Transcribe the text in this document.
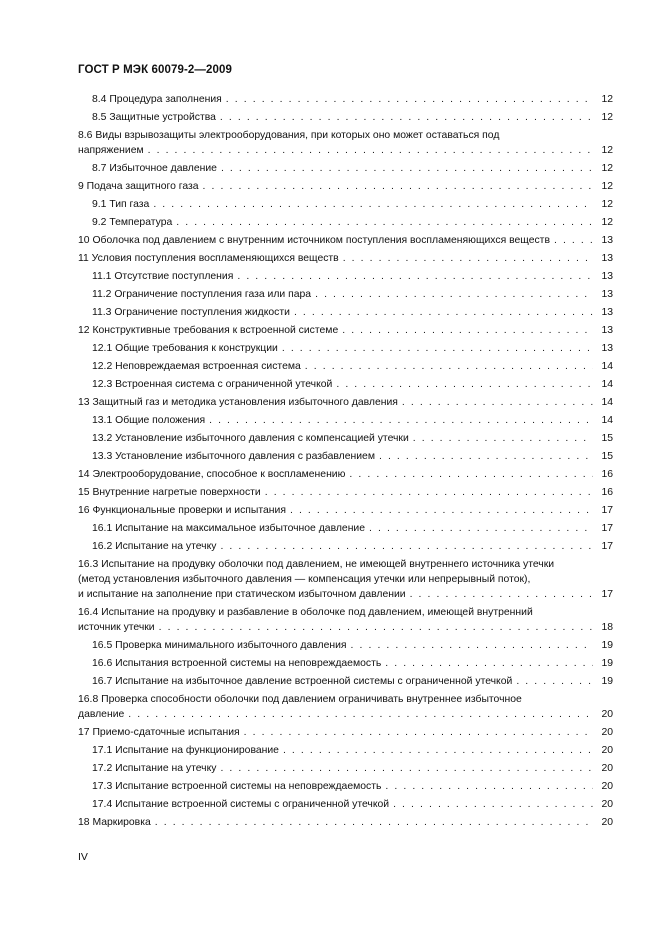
ГОСТ Р МЭК 60079-2—2009
8.4 Процедура заполнения . . .	12
8.5 Защитные устройства . . .	12
8.6 Виды взрывозащиты электрооборудования, при которых оно может оставаться под
напряжением . . .	12
8.7 Избыточное давление . . .	12
9 Подача защитного газа . . .	12
9.1 Тип газа . . .	12
9.2 Температура . . .	12
10 Оболочка под давлением с внутренним источником поступления воспламеняющихся веществ . . .	13
11 Условия поступления воспламеняющихся веществ . . .	13
11.1 Отсутствие поступления . . .	13
11.2 Ограничение поступления газа или пара . . .	13
11.3 Ограничение поступления жидкости . . .	13
12 Конструктивные требования к встроенной системе . . .	13
12.1 Общие требования к конструкции . . .	13
12.2 Неповреждаемая встроенная система . . .	14
12.3 Встроенная система с ограниченной утечкой . . .	14
13 Защитный газ и методика установления избыточного давления . . .	14
13.1 Общие положения . . .	14
13.2 Установление избыточного давления с компенсацией утечки . . .	15
13.3 Установление избыточного давления с разбавлением . . .	15
14 Электрооборудование, способное к воспламенению . . .	16
15 Внутренние нагретые поверхности . . .	16
16 Функциональные проверки и испытания . . .	17
16.1 Испытание на максимальное избыточное давление . . .	17
16.2 Испытание на утечку . . .	17
16.3 Испытание на продувку оболочки под давлением, не имеющей внутреннего источника утечки
(метод установления избыточного давления — компенсация утечки или непрерывный поток),
и испытание на заполнение при статическом избыточном давлении . . .	17
16.4 Испытание на продувку и разбавление в оболочке под давлением, имеющей внутренний
источник утечки . . .	18
16.5 Проверка минимального избыточного давления . . .	19
16.6 Испытания встроенной системы на неповреждаемость . . .	19
16.7 Испытание на избыточное давление встроенной системы с ограниченной утечкой . . .	19
16.8 Проверка способности оболочки под давлением ограничивать внутреннее избыточное
давление . . .	20
17 Приемо-сдаточные испытания . . .	20
17.1 Испытание на функционирование . . .	20
17.2 Испытание на утечку . . .	20
17.3 Испытание встроенной системы на неповреждаемость . . .	20
17.4 Испытание встроенной системы с ограниченной утечкой . . .	20
18 Маркировка . . .	20
IV
